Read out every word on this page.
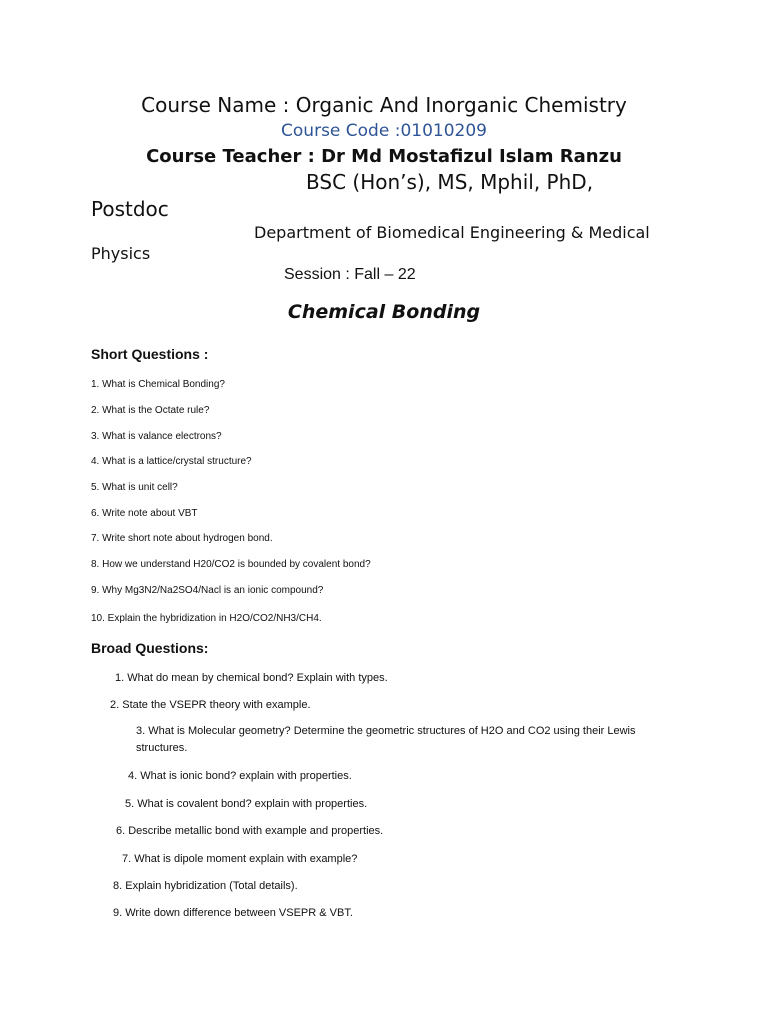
Course Name : Organic And Inorganic Chemistry
Course Code :01010209
Course Teacher : Dr Md Mostafizul Islam Ranzu
BSC (Hon’s), MS, Mphil, PhD,
Postdoc
Department of Biomedical Engineering & Medical
Physics
Session : Fall – 22
Chemical Bonding
Short Questions :
1. What is Chemical Bonding?
2. What is the Octate rule?
3. What is valance electrons?
4. What is a lattice/crystal structure?
5. What is unit cell?
6. Write note about VBT
7. Write short note about hydrogen bond.
8. How we understand H20/CO2 is bounded by covalent bond?
9. Why Mg3N2/Na2SO4/Nacl is an ionic compound?
10. Explain the hybridization in H2O/CO2/NH3/CH4.
Broad Questions:
1. What do mean by chemical bond? Explain with types.
2. State the VSEPR theory with example.
3. What is Molecular geometry? Determine the geometric structures of H2O and CO2 using their Lewis structures.
4. What is ionic bond? explain with properties.
5. What is covalent bond? explain with properties.
6. Describe metallic bond with example and properties.
7. What is dipole moment explain with example?
8. Explain hybridization (Total details).
9. Write down difference between VSEPR & VBT.
